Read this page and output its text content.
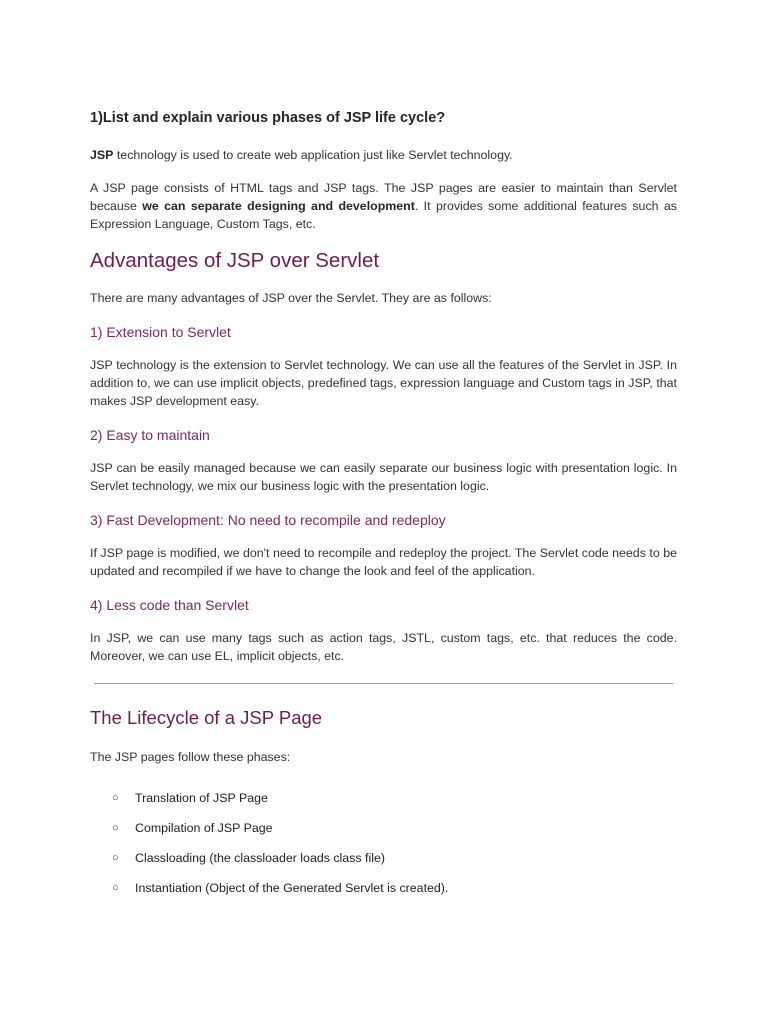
1)List and explain various phases of JSP life cycle?

JSP technology is used to create web application just like Servlet technology.

A JSP page consists of HTML tags and JSP tags. The JSP pages are easier to maintain than Servlet because we can separate designing and development. It provides some additional features such as Expression Language, Custom Tags, etc.

Advantages of JSP over Servlet

There are many advantages of JSP over the Servlet. They are as follows:

1) Extension to Servlet

JSP technology is the extension to Servlet technology. We can use all the features of the Servlet in JSP. In addition to, we can use implicit objects, predefined tags, expression language and Custom tags in JSP, that makes JSP development easy.

2) Easy to maintain

JSP can be easily managed because we can easily separate our business logic with presentation logic. In Servlet technology, we mix our business logic with the presentation logic.

3) Fast Development: No need to recompile and redeploy

If JSP page is modified, we don't need to recompile and redeploy the project. The Servlet code needs to be updated and recompiled if we have to change the look and feel of the application.

4) Less code than Servlet

In JSP, we can use many tags such as action tags, JSTL, custom tags, etc. that reduces the code. Moreover, we can use EL, implicit objects, etc.

The Lifecycle of a JSP Page

The JSP pages follow these phases:

○ Translation of JSP Page
○ Compilation of JSP Page
○ Classloading (the classloader loads class file)
○ Instantiation (Object of the Generated Servlet is created).
